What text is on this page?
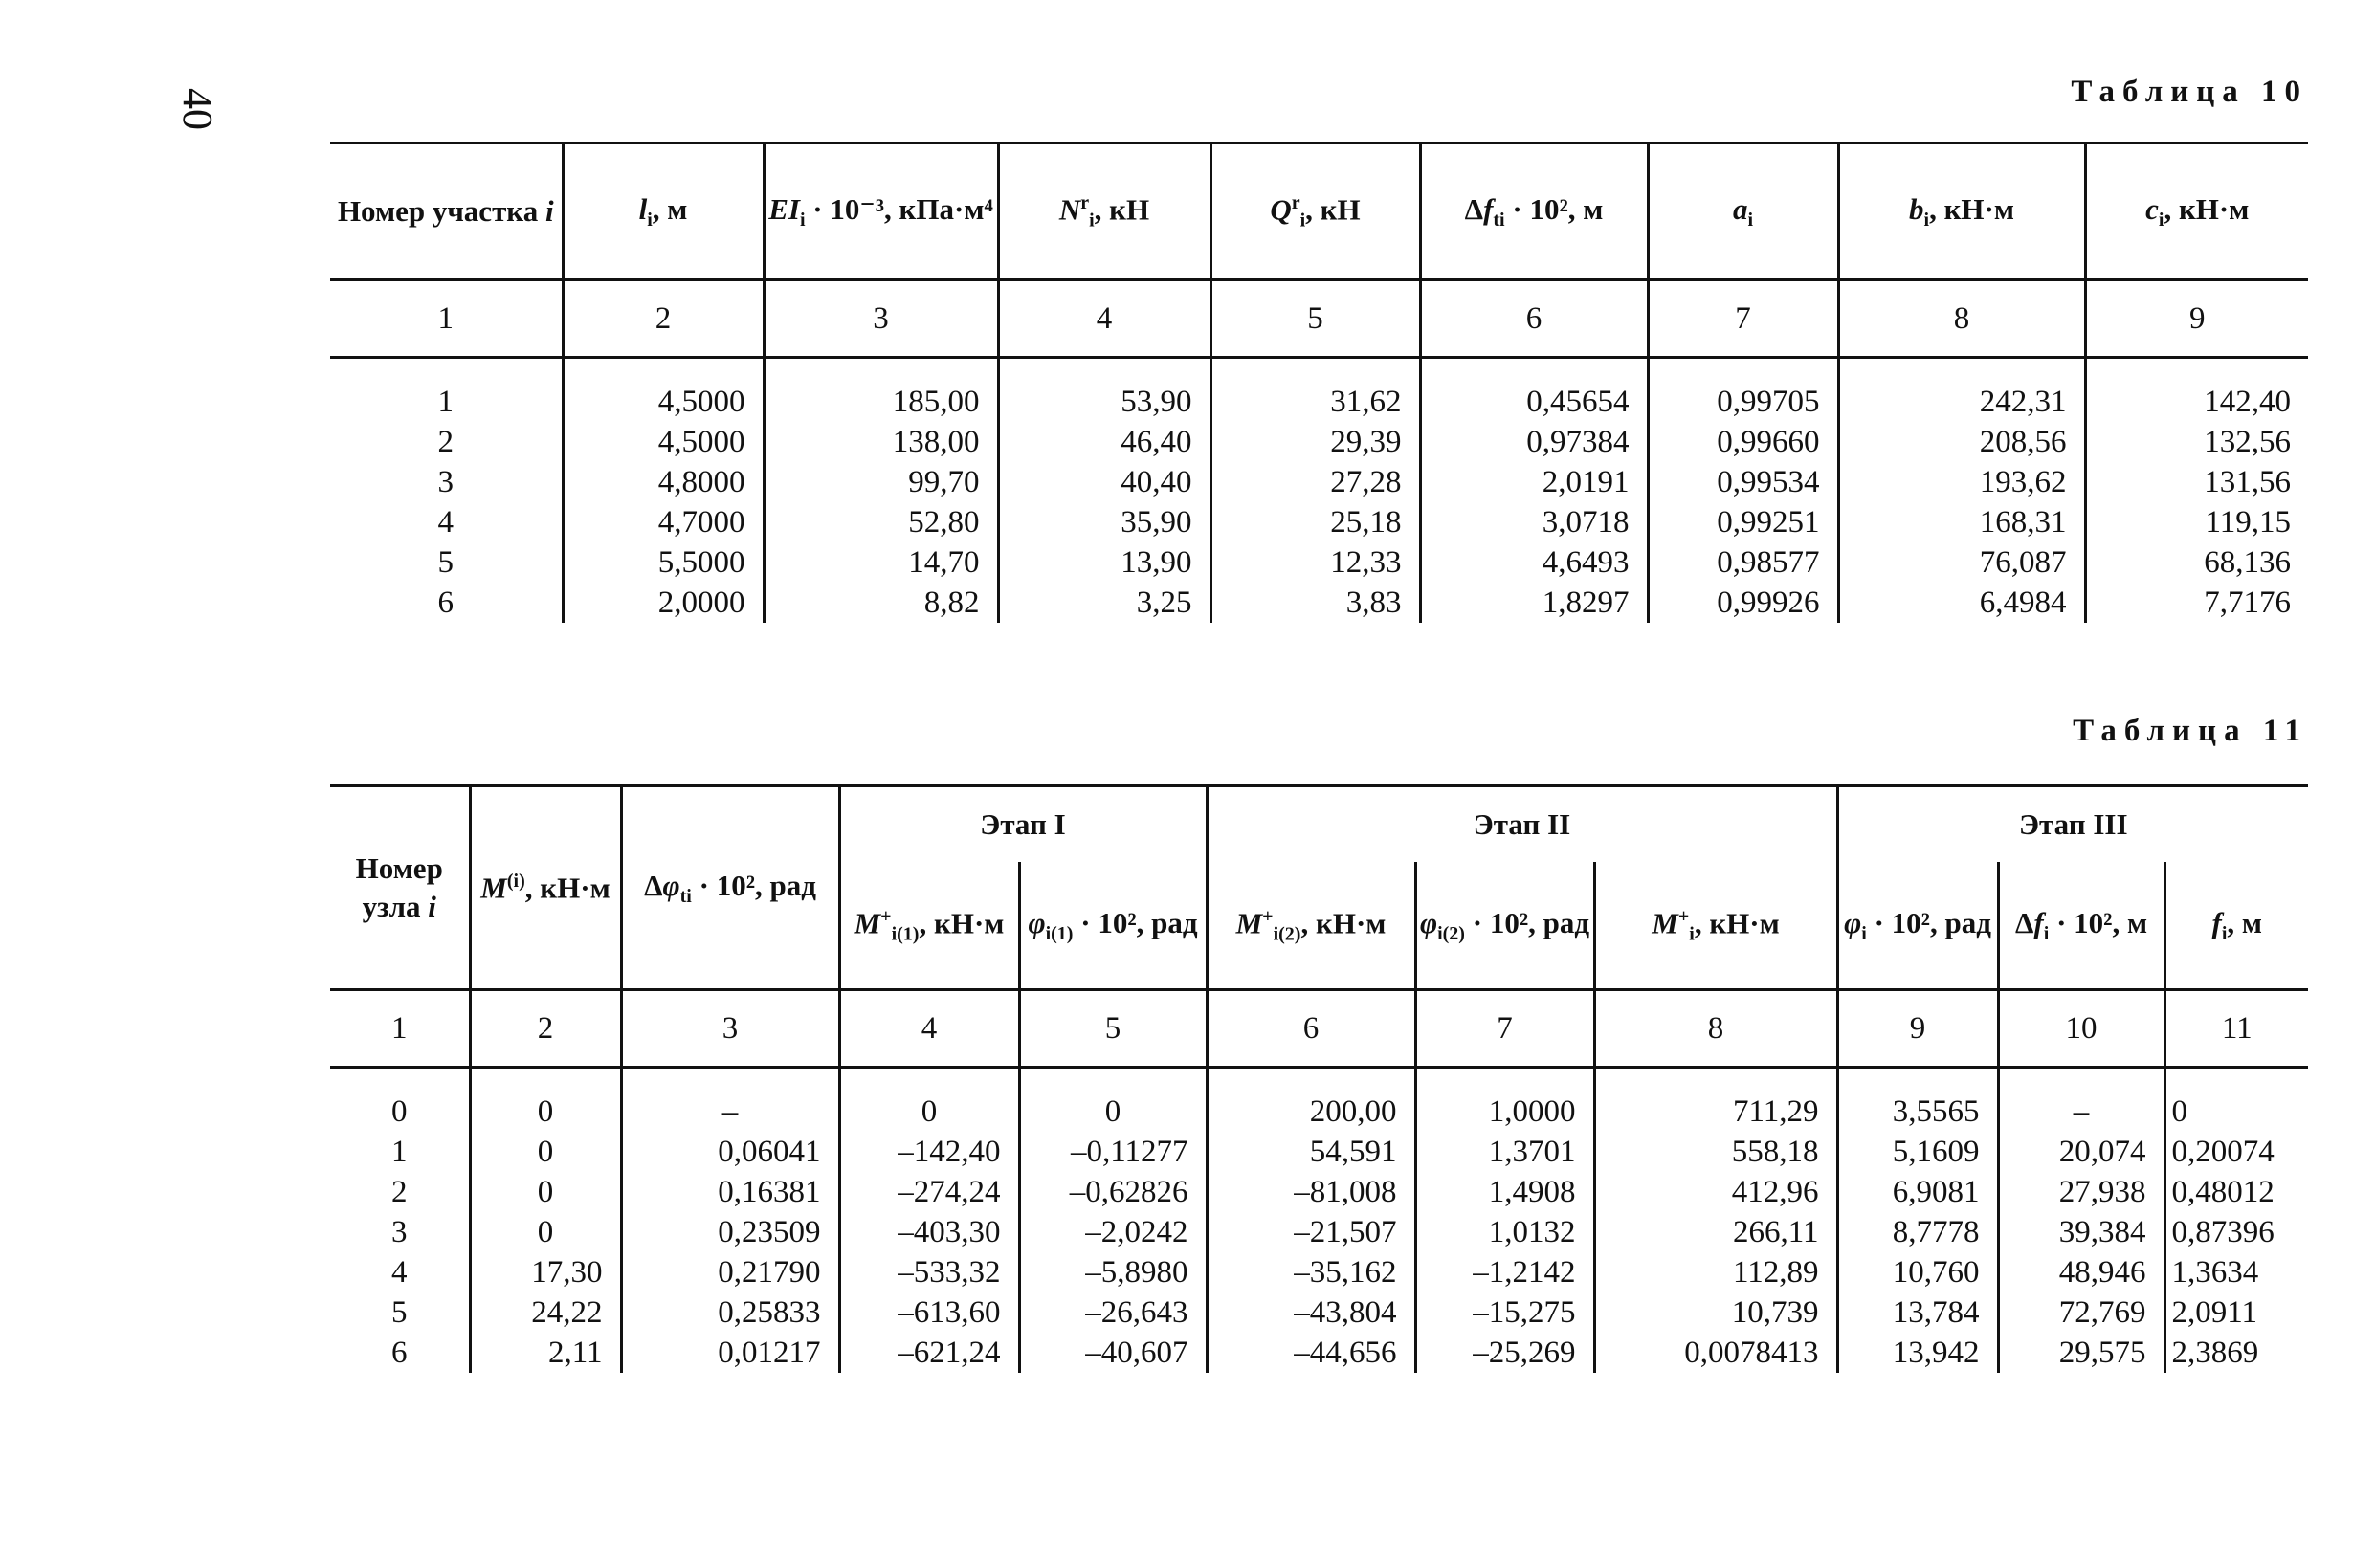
40	Таблица 10
Номер участка i	$l_i$, м	$EI_i \cdot 10^{-3}$, кПа·м⁴	$N^r_i$, кН	$Q^r_i$, кН	$\Delta f_{ti} \cdot 10^2$, м	$a_i$	$b_i$, кН·м	$c_i$, кН·м
1	2	3	4	5	6	7	8	9

1	4,5000	185,00	53,90	31,62	0,45654	0,99705	242,31	142,40
2	4,5000	138,00	46,40	29,39	0,97384	0,99660	208,56	132,56
3	4,8000	99,70	40,40	27,28	2,0191	0,99534	193,62	131,56
4	4,7000	52,80	35,90	25,18	3,0718	0,99251	168,31	119,15
5	5,5000	14,70	13,90	12,33	4,6493	0,98577	76,087	68,136
6	2,0000	8,82	3,25	3,83	1,8297	0,99926	6,4984	7,7176
Таблица 11
Номер узла i	$M^{(i)}$, кН·м	$\Delta\varphi_{ti} \cdot 10^2$, рад	Этап I		Этап II			Этап III		
			$M^+_{i(1)}$, кН·м	$\varphi_{i(1)} \cdot 10^2$, рад	$M^+_{i(2)}$, кН·м	$\varphi_{i(2)} \cdot 10^2$, рад	$M^+_i$, кН·м	$\varphi_i \cdot 10^2$, рад	$\Delta f_i \cdot 10^2$, м	$f_i$, м
1	2	3	4	5	6	7	8	9	10	11

0	0	–	0	0	200,00	1,0000	711,29	3,5565	–	0
1	0	0,06041	–142,40	–0,11277	54,591	1,3701	558,18	5,1609	20,074	0,20074
2	0	0,16381	–274,24	–0,62826	–81,008	1,4908	412,96	6,9081	27,938	0,48012
3	0	0,23509	–403,30	–2,0242	–21,507	1,0132	266,11	8,7778	39,384	0,87396
4	17,30	0,21790	–533,32	–5,8980	–35,162	–1,2142	112,89	10,760	48,946	1,3634
5	24,22	0,25833	–613,60	–26,643	–43,804	–15,275	10,739	13,784	72,769	2,0911
6	2,11	0,01217	–621,24	–40,607	–44,656	–25,269	0,0078413	13,942	29,575	2,3869
